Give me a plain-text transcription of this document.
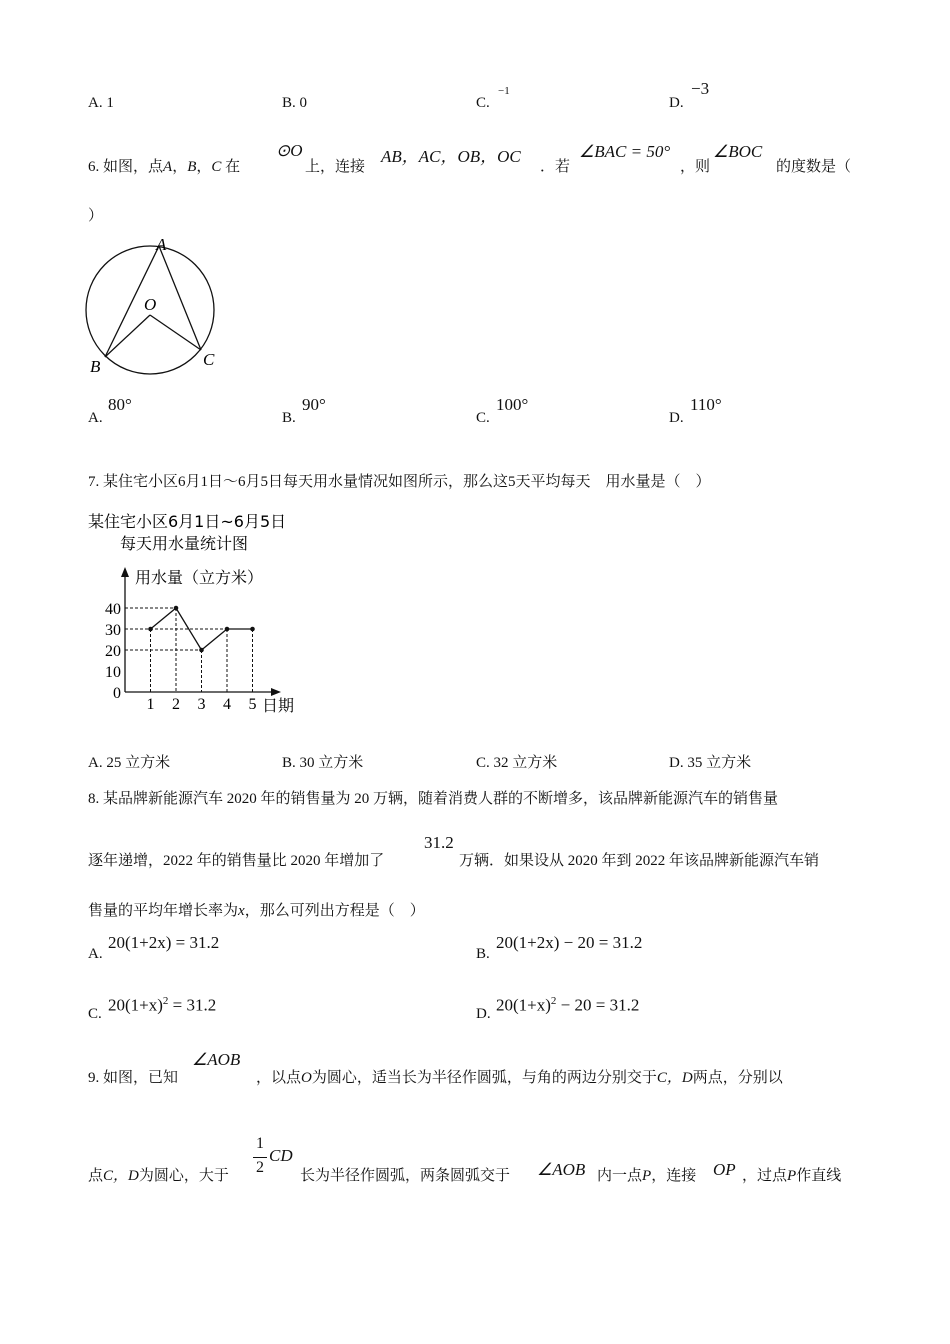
A. 1	B. 0	C.
−1
D.
−3
6. 如图，点A，B，C 在
⊙O
上，连接
AB，AC，OB，OC
．若
∠BAC = 50°
，则
∠BOC
的度数是（
）
A
O
B	C
A.
80°
B.
90°
C.
100°
D.
110°
7. 某住宅小区6月1日～6月5日每天用水量情况如图所示，那么这5天平均每天　用水量是（　）
某住宅小区6月1日~6月5日
每天用水量统计图
用水量（立方米）
日期
0
10
20
30
40
1 2 3 4 5
A. 25 立方米	B. 30 立方米	C. 32 立方米	D. 35 立方米
8. 某品牌新能源汽车 2020 年的销售量为 20 万辆，随着消费人群的不断增多，该品牌新能源汽车的销售量
逐年递增，2022 年的销售量比 2020 年增加了
31.2
万辆．如果设从 2020 年到 2022 年该品牌新能源汽车销
售量的平均年增长率为x，那么可列出方程是（　）
A.
20(1+2x) = 31.2
B.
20(1+2x) − 20 = 31.2
C. $20(1+x)^2 = 31.2$	D. $20(1+x)^2 - 20 = 31.2$
9. 如图，已知
∠AOB
，以点O为圆心，适当长为半径作圆弧，与角的两边分别交于C，D两点，分别以
点C，D为圆心，大于
1
2
CD
长为半径作圆弧，两条圆弧交于 ∠AOB 内一点P，连接 OP ，过点P作直线
